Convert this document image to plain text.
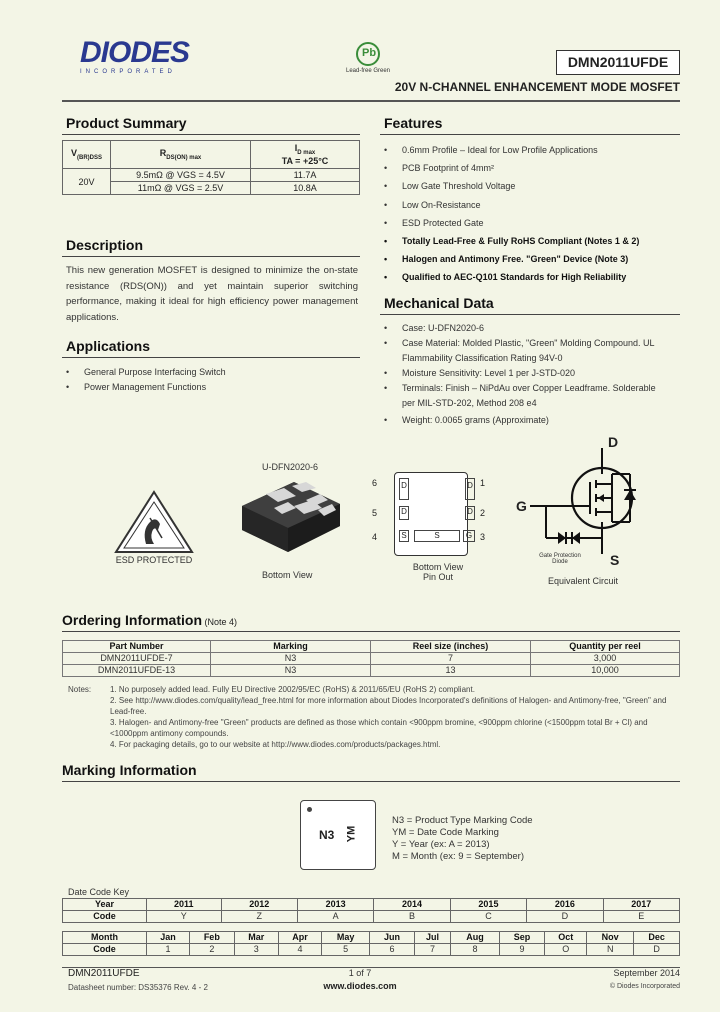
DIODES
INCORPORATED
Pb
Lead-free Green
DMN2011UFDE
20V N-CHANNEL ENHANCEMENT MODE MOSFET
Product Summary
$V_{(BR)DSS}$	$R_{DS(ON) max}$	$I_{D max}$
TA = +25°C
20V	9.5mΩ @ VGS = 4.5V	11.7A
	11mΩ @ VGS = 2.5V	10.8A
Description
This new generation MOSFET is designed to minimize the on-state resistance (RDS(ON)) and yet maintain superior switching performance, making it ideal for high efficiency power management applications.
Applications
• General Purpose Interfacing Switch
• Power Management Functions
Features
• 0.6mm Profile – Ideal for Low Profile Applications
• PCB Footprint of 4mm²
• Low Gate Threshold Voltage
• Low On-Resistance
• ESD Protected Gate
• Totally Lead-Free & Fully RoHS Compliant (Notes 1 & 2)
• Halogen and Antimony Free. "Green" Device (Note 3)
• Qualified to AEC-Q101 Standards for High Reliability
Mechanical Data
• Case: U-DFN2020-6
• Case Material: Molded Plastic, "Green" Molding Compound. UL Flammability Classification Rating 94V-0
• Moisture Sensitivity: Level 1 per J-STD-020
• Terminals: Finish – NiPdAu over Copper Leadframe. Solderable per MIL-STD-202, Method 208 e4
• Weight: 0.0065 grams (Approximate)
ESD PROTECTED
U-DFN2020-6
Bottom View
6
5
4
1
2
3
D	D
D	D
S	S	G
Bottom View
Pin Out
D
G
S
Gate Protection Diode
Equivalent Circuit
Ordering Information (Note 4)
Part Number	Marking	Reel size (inches)	Quantity per reel
DMN2011UFDE-7	N3	7	3,000
DMN2011UFDE-13	N3	13	10,000
Notes: 1. No purposely added lead. Fully EU Directive 2002/95/EC (RoHS) & 2011/65/EU (RoHS 2) compliant.
2. See http://www.diodes.com/quality/lead_free.html for more information about Diodes Incorporated's definitions of Halogen- and Antimony-free, "Green" and Lead-free.
3. Halogen- and Antimony-free "Green" products are defined as those which contain <900ppm bromine, <900ppm chlorine (<1500ppm total Br + Cl) and <1000ppm antimony compounds.
4. For packaging details, go to our website at http://www.diodes.com/products/packages.html.
Marking Information
N3 YM
N3 = Product Type Marking Code
YM = Date Code Marking
Y = Year (ex: A = 2013)
M = Month (ex: 9 = September)
Date Code Key
Year	2011	2012	2013	2014	2015	2016	2017
Code	Y	Z	A	B	C	D	E
Month	Jan	Feb	Mar	Apr	May	Jun	Jul	Aug	Sep	Oct	Nov	Dec
Code	1	2	3	4	5	6	7	8	9	O	N	D
DMN2011UFDE
Datasheet number: DS35376 Rev. 4 - 2
1 of 7
www.diodes.com
September 2014
© Diodes Incorporated
